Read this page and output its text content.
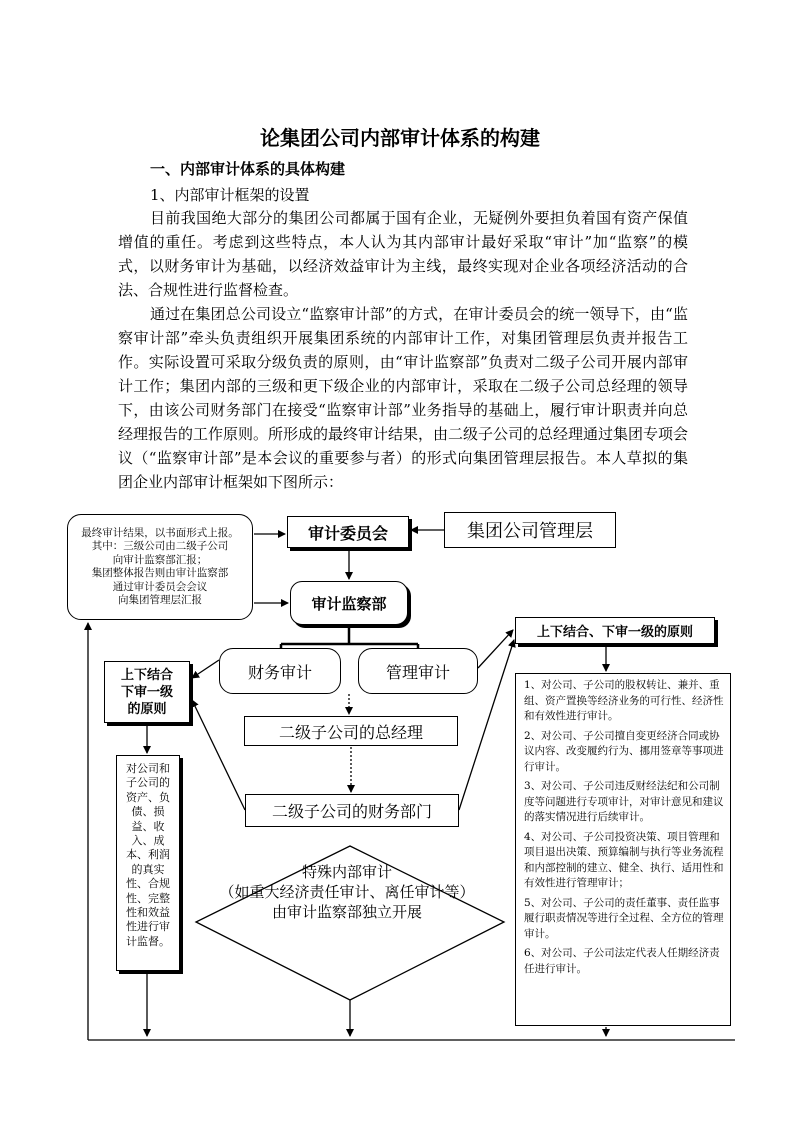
论集团公司内部审计体系的构建
一、内部审计体系的具体构建
1、内部审计框架的设置

目前我国绝大部分的集团公司都属于国有企业，无疑例外要担负着国有资产保值增值的重任。考虑到这些特点，本人认为其内部审计最好采取“审计”加“监察”的模式，以财务审计为基础，以经济效益审计为主线，最终实现对企业各项经济活动的合法、合规性进行监督检查。

通过在集团总公司设立“监察审计部”的方式，在审计委员会的统一领导下，由“监察审计部”牵头负责组织开展集团系统的内部审计工作，对集团管理层负责并报告工作。实际设置可采取分级负责的原则，由“审计监察部”负责对二级子公司开展内部审计工作；集团内部的三级和更下级企业的内部审计，采取在二级子公司总经理的领导下，由该公司财务部门在接受“监察审计部”业务指导的基础上，履行审计职责并向总经理报告的工作原则。所形成的最终审计结果，由二级子公司的总经理通过集团专项会议（“监察审计部”是本会议的重要参与者）的形式向集团管理层报告。本人草拟的集团企业内部审计框架如下图所示：

最终审计结果，以书面形式上报。
其中：三级公司由二级子公司
向审计监察部汇报；
集团整体报告则由审计监察部
通过审计委员会会议
向集团管理层汇报
审计委员会	集团公司管理层
审计监察部
上下结合、下审一级的原则
上下结合
下审一级
的原则
财务审计	管理审计
二级子公司的总经理
二级子公司的财务部门
对公司和
子公司的
资产、负
债、损
益、收
入、成
本、利润
的真实
性、合规
性、完整
性和效益
性进行审
计监督。
1、对公司、子公司的股权转让、兼并、重组、资产置换等经济业务的可行性、经济性和有效性进行审计。
2、对公司、子公司擅自变更经济合同或协议内容、改变履约行为、挪用签章等事项进行审计。
3、对公司、子公司违反财经法纪和公司制度等问题进行专项审计，对审计意见和建议的落实情况进行后续审计。
4、对公司、子公司投资决策、项目管理和项目退出决策、预算编制与执行等业务流程和内部控制的建立、健全、执行、适用性和有效性进行管理审计；
5、对公司、子公司的责任董事、责任监事履行职责情况等进行全过程、全方位的管理审计。
6、对公司、子公司法定代表人任期经济责任进行审计。
特殊内部审计
（如重大经济责任审计、离任审计等）
由审计监察部独立开展
